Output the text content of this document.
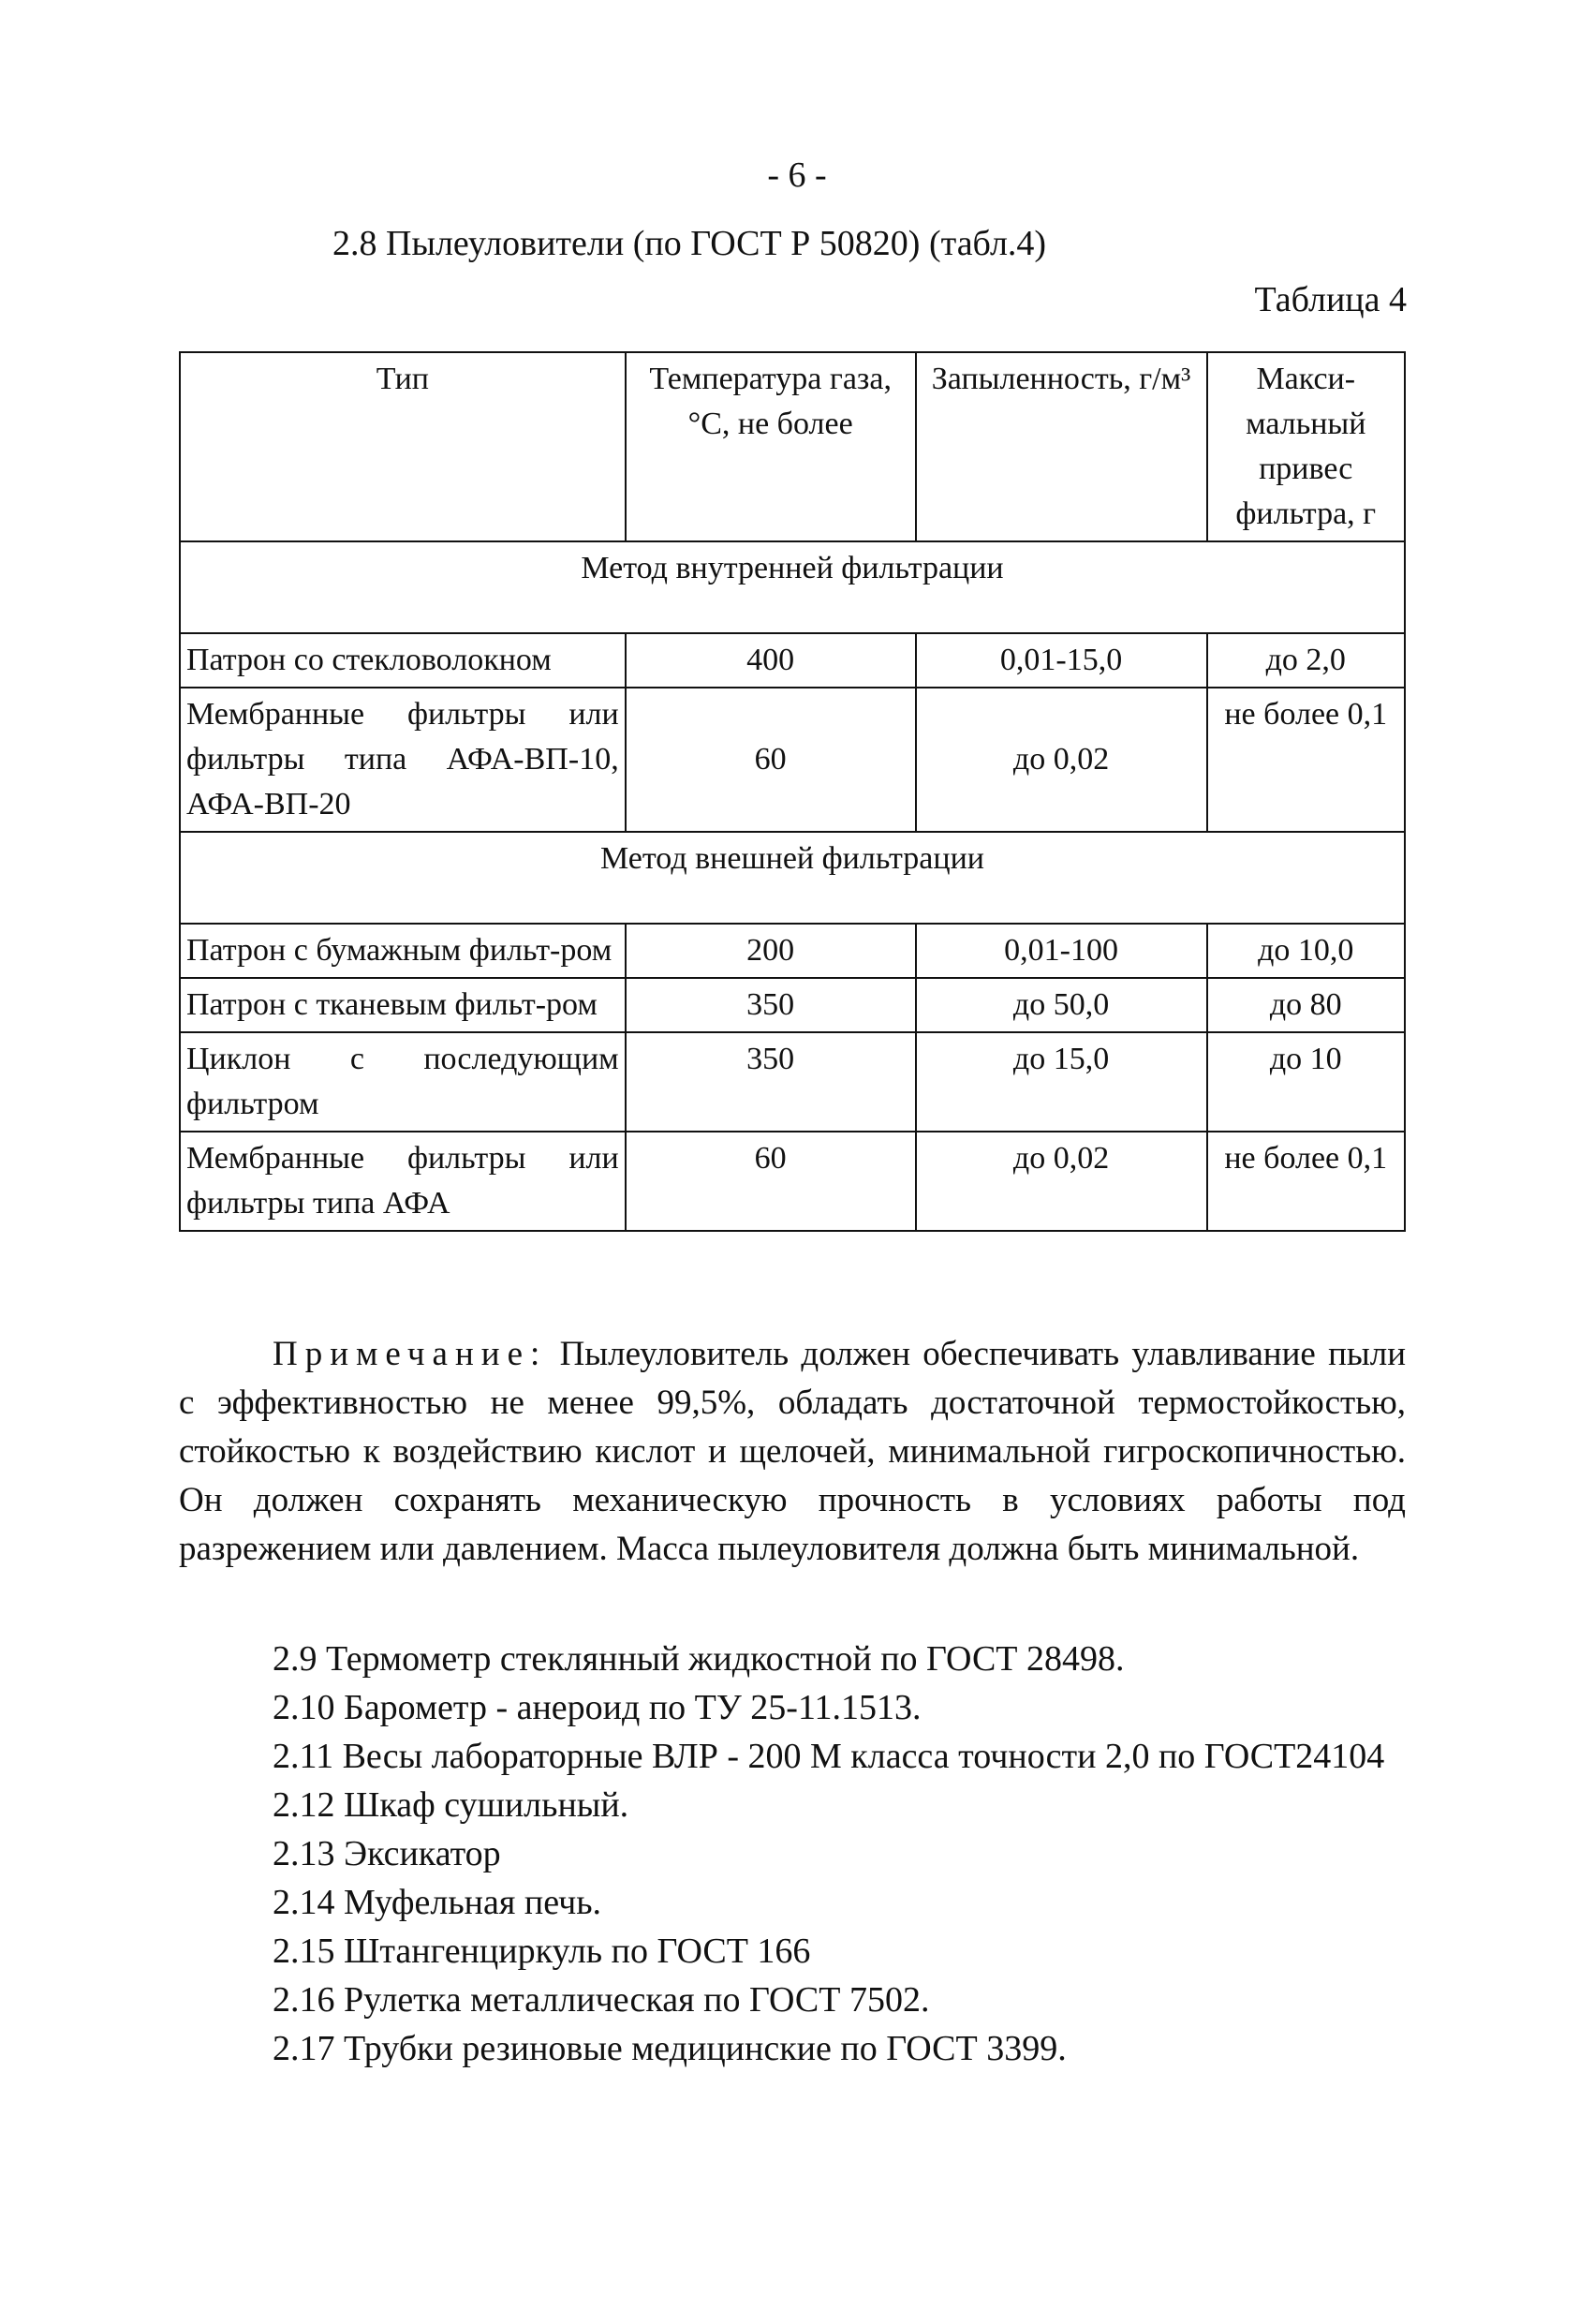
- 6 -
2.8 Пылеуловители (по ГОСТ Р 50820) (табл.4)
Таблица 4
Тип	Температура газа, °С, не более	Запыленность, г/м³	Макси-мальный привес фильтра, г
Метод внутренней фильтрации			
Патрон со стекловолокном	400	0,01-15,0	до 2,0
Мембранные фильтры или фильтры типа АФА-ВП-10, АФА-ВП-20	60	до 0,02	не более 0,1
Метод внешней фильтрации			
Патрон с бумажным фильт-ром	200	0,01-100	до 10,0
Патрон с тканевым фильт-ром	350	до 50,0	до 80
Циклон с последующим фильтром	350	до 15,0	до 10
Мембранные фильтры или фильтры типа АФА	60	до 0,02	не более 0,1
Примечание: Пылеуловитель должен обеспечивать улавливание пыли с эффективностью не менее 99,5%, обладать достаточной термостойкостью, стойкостью к воздействию кислот и щелочей, минимальной гигроскопичностью. Он должен сохранять механическую прочность в условиях работы под разрежением или давлением. Масса пылеуловителя должна быть минимальной.

2.9 Термометр стеклянный жидкостной по ГОСТ 28498.

2.10 Барометр - анероид по ТУ 25-11.1513.

2.11 Весы лабораторные ВЛР - 200 М класса точности 2,0 по ГОСТ24104

2.12 Шкаф сушильный.

2.13 Эксикатор

2.14 Муфельная печь.

2.15 Штангенциркуль по ГОСТ 166

2.16 Рулетка металлическая по ГОСТ 7502.

2.17 Трубки резиновые медицинские по ГОСТ 3399.
